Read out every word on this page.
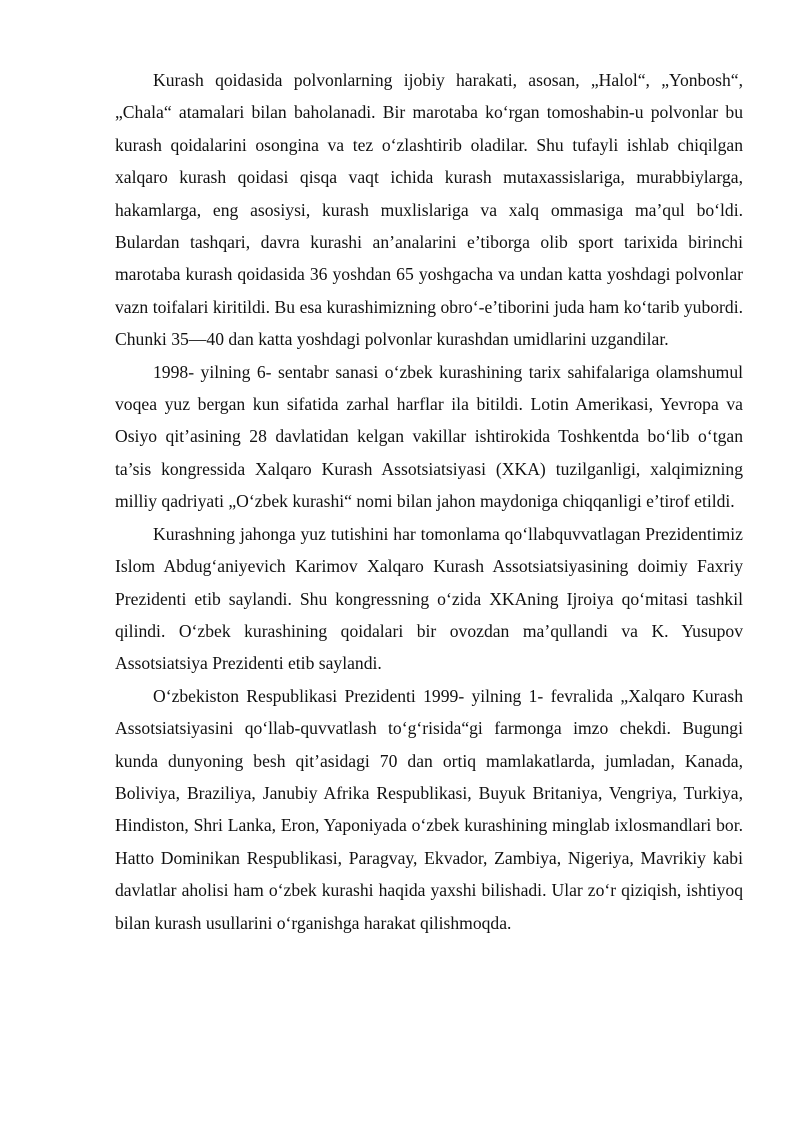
Kurash qoidasida polvonlarning ijobiy harakati, asosan, „Halol“, „Yonbosh“, „Chala“ atamalari bilan baholanadi. Bir marotaba ko‘rgan tomoshabin-u polvonlar bu kurash qoidalarini osongina va tez o‘zlashtirib oladilar. Shu tufayli ishlab chiqilgan xalqaro kurash qoidasi qisqa vaqt ichida kurash mutaxassislariga, murabbiylarga, hakamlarga, eng asosiysi, kurash muxlislariga va xalq ommasiga ma’qul bo‘ldi. Bulardan tashqari, davra kurashi an’analarini e’tiborga olib sport tarixida birinchi marotaba kurash qoidasida 36 yoshdan 65 yoshgacha va undan katta yoshdagi polvonlar vazn toifalari kiritildi. Bu esa kurashimizning obro‘-e’tiborini juda ham ko‘tarib yubordi. Chunki 35—40 dan katta yoshdagi polvonlar kurashdan umidlarini uzgandilar.

1998- yilning 6- sentabr sanasi o‘zbek kurashining tarix sahifalariga olamshumul voqea yuz bergan kun sifatida zarhal harflar ila bitildi. Lotin Amerikasi, Yevropa va Osiyo qit’asining 28 davlatidan kelgan vakillar ishtirokida Toshkentda bo‘lib o‘tgan ta’sis kongressida Xalqaro Kurash Assotsiatsiyasi (XKA) tuzilganligi, xalqimizning milliy qadriyati „O‘zbek kurashi“ nomi bilan jahon maydoniga chiqqanligi e’tirof etildi.

Kurashning jahonga yuz tutishini har tomonlama qo‘llabquvvatlagan Prezidentimiz Islom Abdug‘aniyevich Karimov Xalqaro Kurash Assotsiatsiyasining doimiy Faxriy Prezidenti etib saylandi. Shu kongressning o‘zida XKAning Ijroiya qo‘mitasi tashkil qilindi. O‘zbek kurashining qoidalari bir ovozdan ma’qullandi va K. Yusupov Assotsiatsiya Prezidenti etib saylandi.

O‘zbekiston Respublikasi Prezidenti 1999- yilning 1- fevralida „Xalqaro Kurash Assotsiatsiyasini qo‘llab-quvvatlash to‘g‘risida“gi farmonga imzo chekdi. Bugungi kunda dunyoning besh qit’asidagi 70 dan ortiq mamlakatlarda, jumladan, Kanada, Boliviya, Braziliya, Janubiy Afrika Respublikasi, Buyuk Britaniya, Vengriya, Turkiya, Hindiston, Shri Lanka, Eron, Yaponiyada o‘zbek kurashining minglab ixlosmandlari bor. Hatto Dominikan Respublikasi, Paragvay, Ekvador, Zambiya, Nigeriya, Mavrikiy kabi davlatlar aholisi ham o‘zbek kurashi haqida yaxshi bilishadi. Ular zo‘r qiziqish, ishtiyoq bilan kurash usullarini o‘rganishga harakat qilishmoqda.
